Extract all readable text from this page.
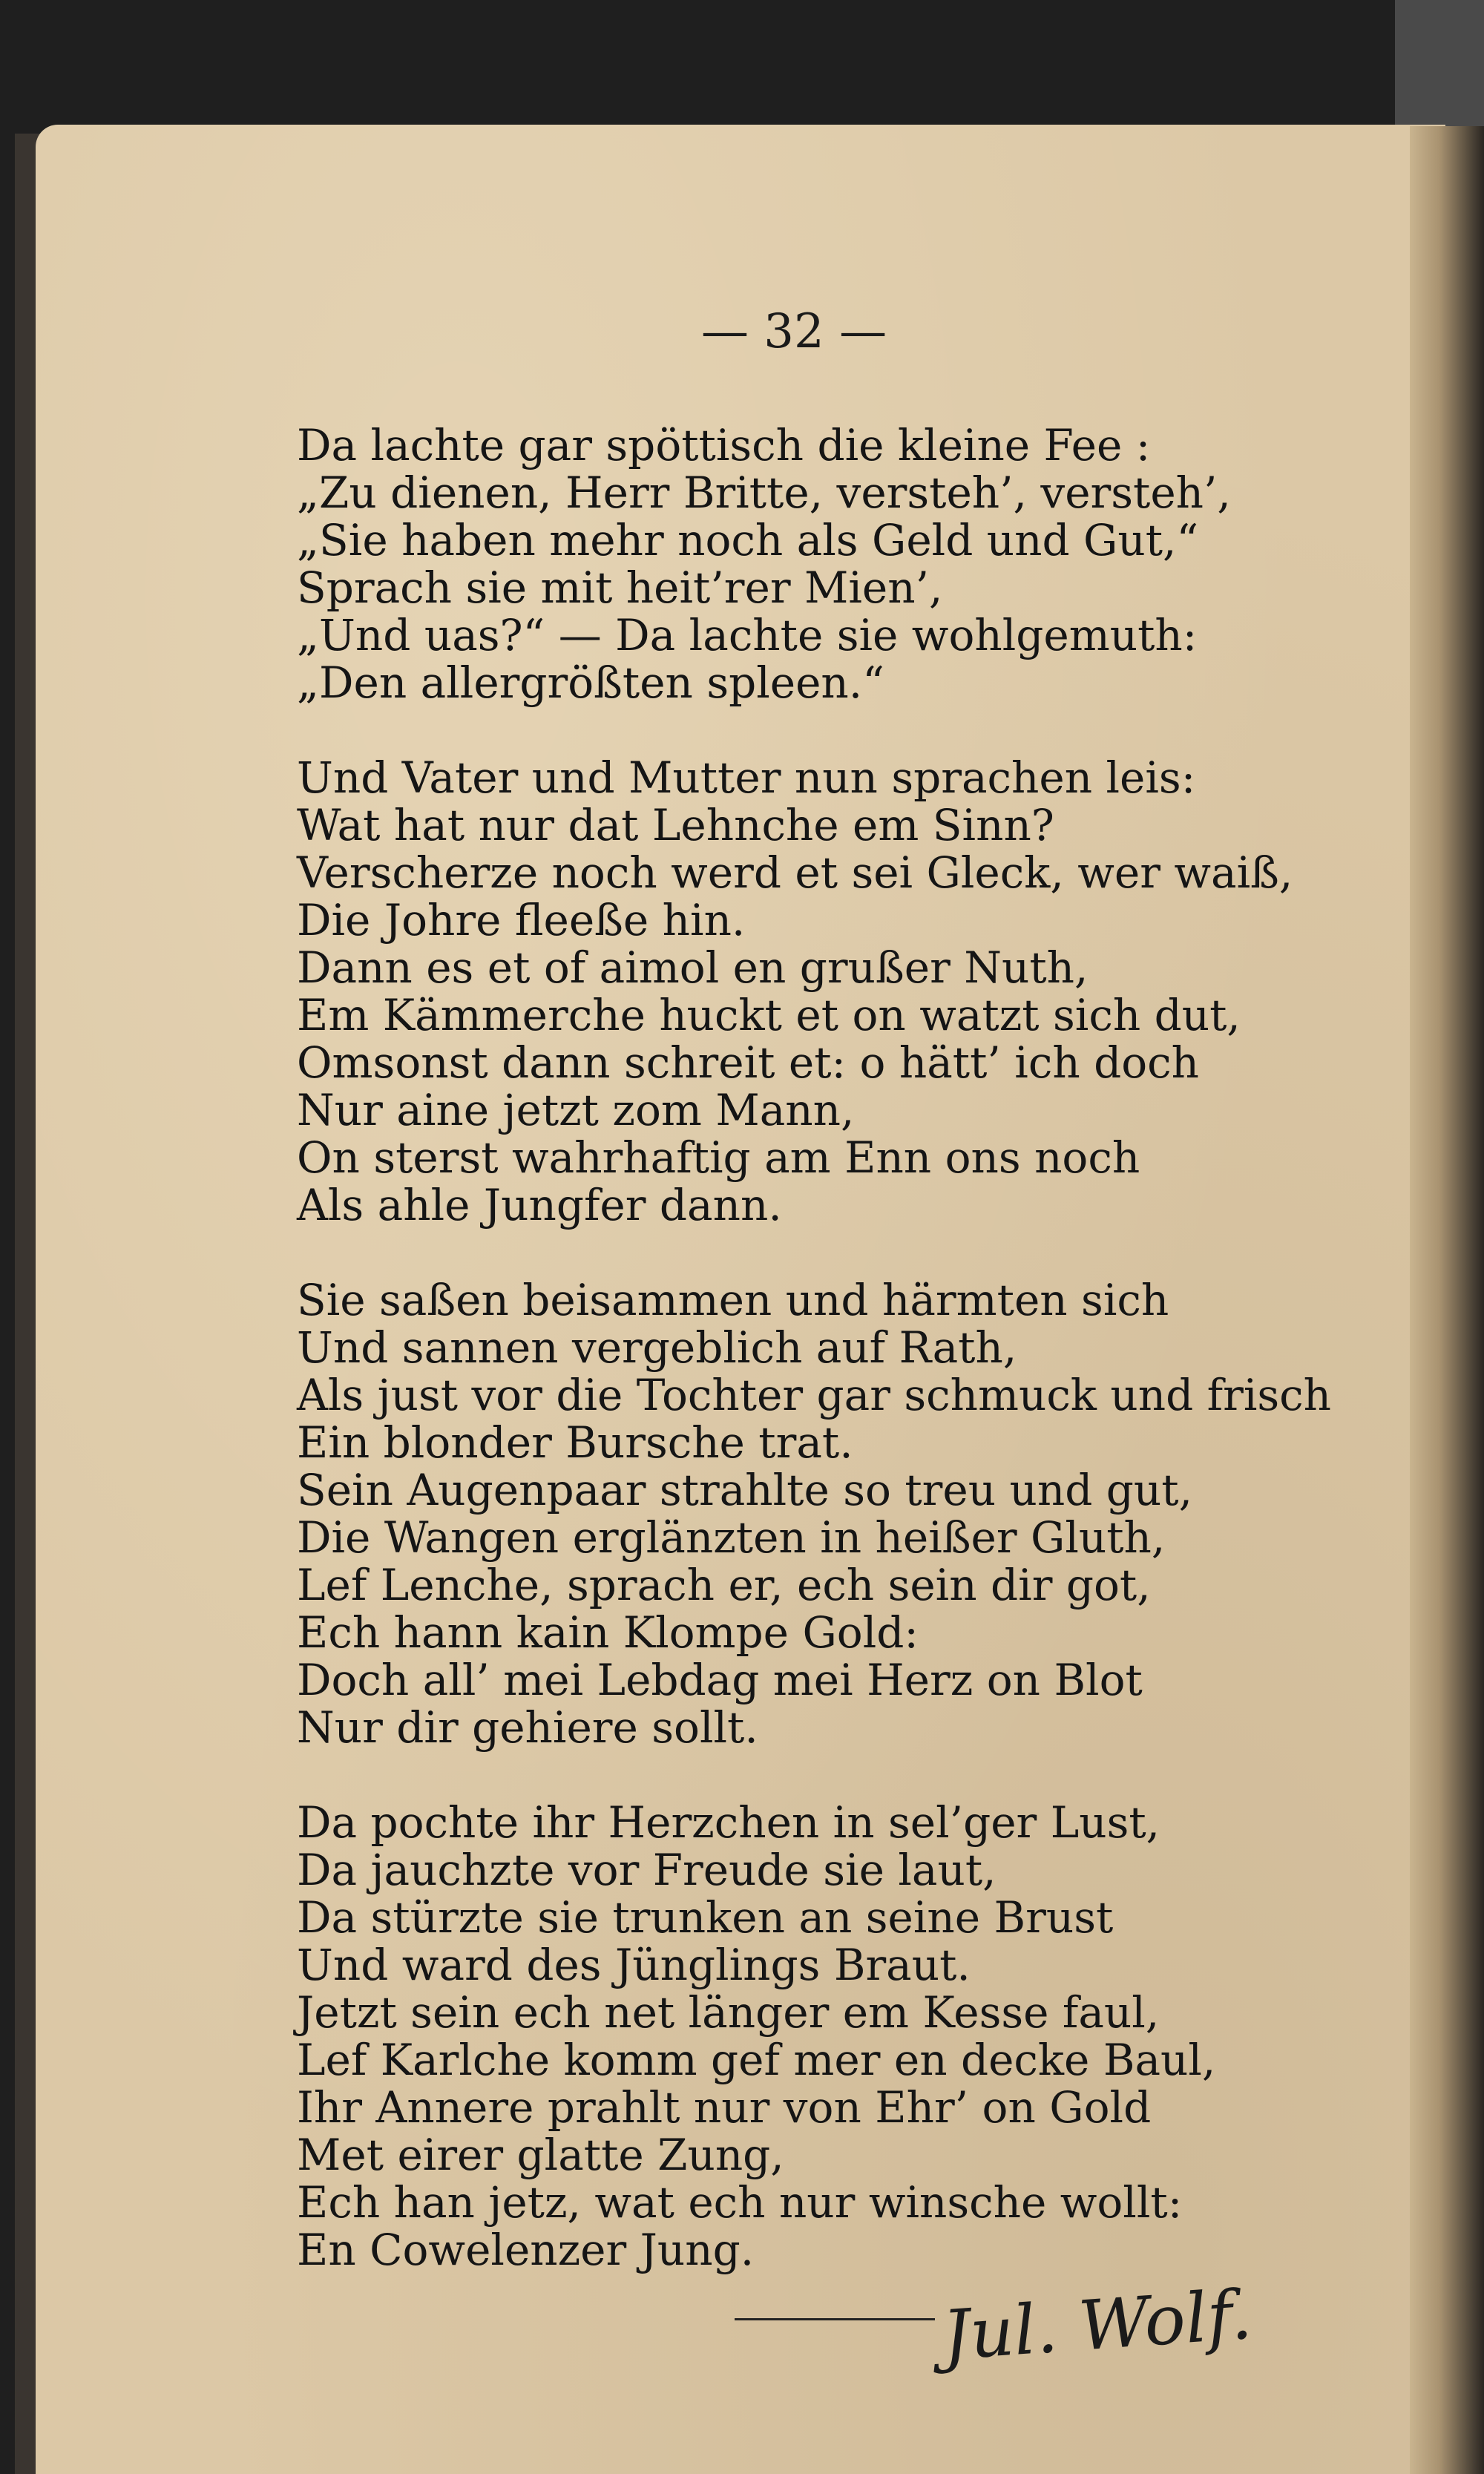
— 32 —
Da lachte gar spöttisch die kleine Fee :
„Zu dienen, Herr Britte, versteh’, versteh’,
„Sie haben mehr noch als Geld und Gut,“
Sprach sie mit heit’rer Mien’,
„Und uas?“ — Da lachte sie wohlgemuth:
„Den allergrößten spleen.“
Und Vater und Mutter nun sprachen leis:
Wat hat nur dat Lehnche em Sinn?
Verscherze noch werd et sei Gleck, wer waiß,
Die Johre fleeße hin.
Dann es et of aimol en grußer Nuth,
Em Kämmerche huckt et on watzt sich dut,
Omsonst dann schreit et: o hätt’ ich doch
Nur aine jetzt zom Mann,
On sterst wahrhaftig am Enn ons noch
Als ahle Jungfer dann.
Sie saßen beisammen und härmten sich
Und sannen vergeblich auf Rath,
Als just vor die Tochter gar schmuck und frisch
Ein blonder Bursche trat.
Sein Augenpaar strahlte so treu und gut,
Die Wangen erglänzten in heißer Gluth,
Lef Lenche, sprach er, ech sein dir got,
Ech hann kain Klompe Gold:
Doch all’ mei Lebdag mei Herz on Blot
Nur dir gehiere sollt.
Da pochte ihr Herzchen in sel’ger Lust,
Da jauchzte vor Freude sie laut,
Da stürzte sie trunken an seine Brust
Und ward des Jünglings Braut.
Jetzt sein ech net länger em Kesse faul,
Lef Karlche komm gef mer en decke Baul,
Ihr Annere prahlt nur von Ehr’ on Gold
Met eirer glatte Zung,
Ech han jetz, wat ech nur winsche wollt:
En Cowelenzer Jung.
Jul. Wolf.
